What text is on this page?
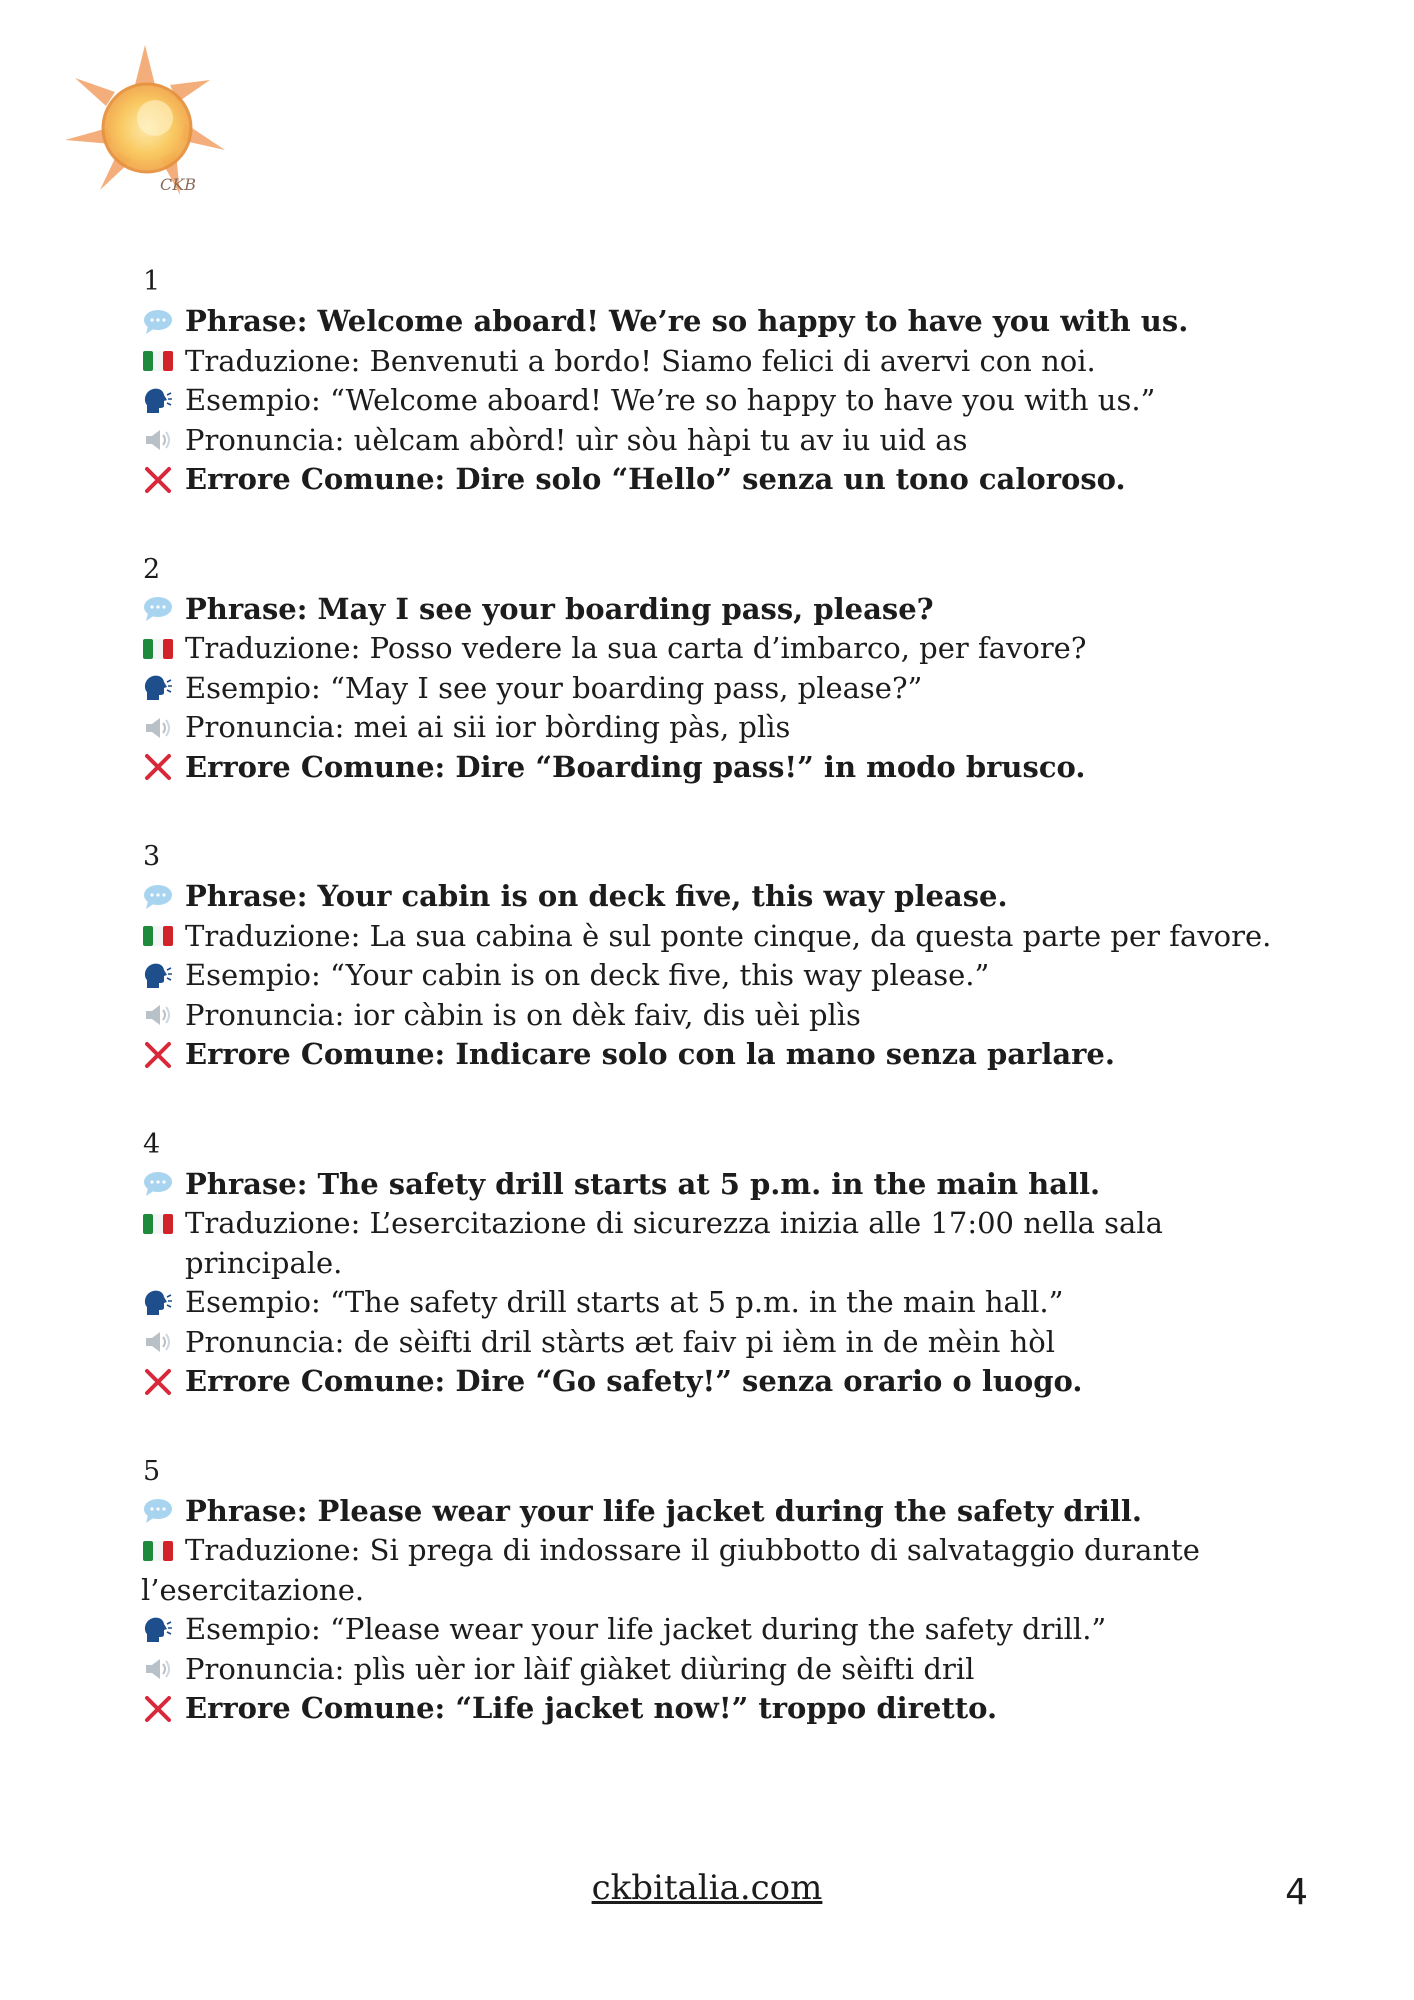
CKB
1
Phrase: Welcome aboard! We’re so happy to have you with us.
Traduzione: Benvenuti a bordo! Siamo felici di avervi con noi.
Esempio: “Welcome aboard! We’re so happy to have you with us.”
Pronuncia: uèlcam abòrd! uìr sòu hàpi tu av iu uid as
Errore Comune: Dire solo “Hello” senza un tono caloroso.
2
Phrase: May I see your boarding pass, please?
Traduzione: Posso vedere la sua carta d’imbarco, per favore?
Esempio: “May I see your boarding pass, please?”
Pronuncia: mei ai sii ior bòrding pàs, plìs
Errore Comune: Dire “Boarding pass!” in modo brusco.
3
Phrase: Your cabin is on deck five, this way please.
Traduzione: La sua cabina è sul ponte cinque, da questa parte per favore.
Esempio: “Your cabin is on deck five, this way please.”
Pronuncia: ior càbin is on dèk faiv, dis uèi plìs
Errore Comune: Indicare solo con la mano senza parlare.
4
Phrase: The safety drill starts at 5 p.m. in the main hall.
Traduzione: L’esercitazione di sicurezza inizia alle 17:00 nella sala principale.
Esempio: “The safety drill starts at 5 p.m. in the main hall.”
Pronuncia: de sèifti dril stàrts æt faiv pi ièm in de mèin hòl
Errore Comune: Dire “Go safety!” senza orario o luogo.
5
Phrase: Please wear your life jacket during the safety drill.
Traduzione: Si prega di indossare il giubbotto di salvataggio durante l’esercitazione.
Esempio: “Please wear your life jacket during the safety drill.”
Pronuncia: plìs uèr ior làif giàket diùring de sèifti dril
Errore Comune: “Life jacket now!” troppo diretto.
ckbitalia.com	4
